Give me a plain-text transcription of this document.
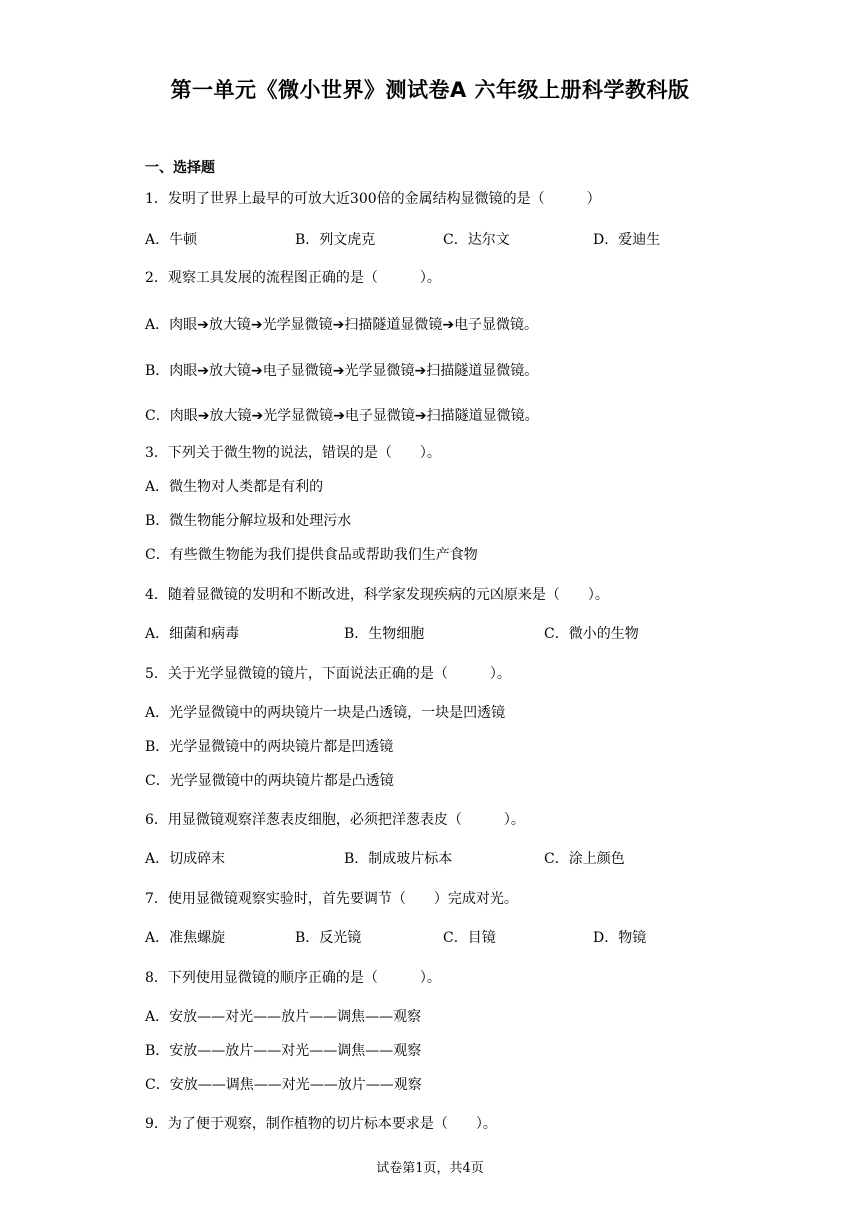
第一单元《微小世界》测试卷A 六年级上册科学教科版
一、选择题
1．发明了世界上最早的可放大近300倍的金属结构显微镜的是（　　　）
A．牛顿	B．列文虎克	C．达尔文	D．爱迪生
2．观察工具发展的流程图正确的是（　　　）。
A．肉眼➔放大镜➔光学显微镜➔扫描隧道显微镜➔电子显微镜。
B．肉眼➔放大镜➔电子显微镜➔光学显微镜➔扫描隧道显微镜。
C．肉眼➔放大镜➔光学显微镜➔电子显微镜➔扫描隧道显微镜。
3．下列关于微生物的说法，错误的是（　　）。
A．微生物对人类都是有利的
B．微生物能分解垃圾和处理污水
C．有些微生物能为我们提供食品或帮助我们生产食物
4．随着显微镜的发明和不断改进，科学家发现疾病的元凶原来是（　　）。
A．细菌和病毒	B．生物细胞	C．微小的生物
5．关于光学显微镜的镜片，下面说法正确的是（　　　）。
A．光学显微镜中的两块镜片一块是凸透镜，一块是凹透镜
B．光学显微镜中的两块镜片都是凹透镜
C．光学显微镜中的两块镜片都是凸透镜
6．用显微镜观察洋葱表皮细胞，必须把洋葱表皮（　　　）。
A．切成碎末	B．制成玻片标本	C．涂上颜色
7．使用显微镜观察实验时，首先要调节（　　）完成对光。
A．准焦螺旋	B．反光镜	C．目镜	D．物镜
8．下列使用显微镜的顺序正确的是（　　　）。
A．安放——对光——放片——调焦——观察
B．安放——放片——对光——调焦——观察
C．安放——调焦——对光——放片——观察
9．为了便于观察，制作植物的切片标本要求是（　　）。
试卷第1页，共4页
